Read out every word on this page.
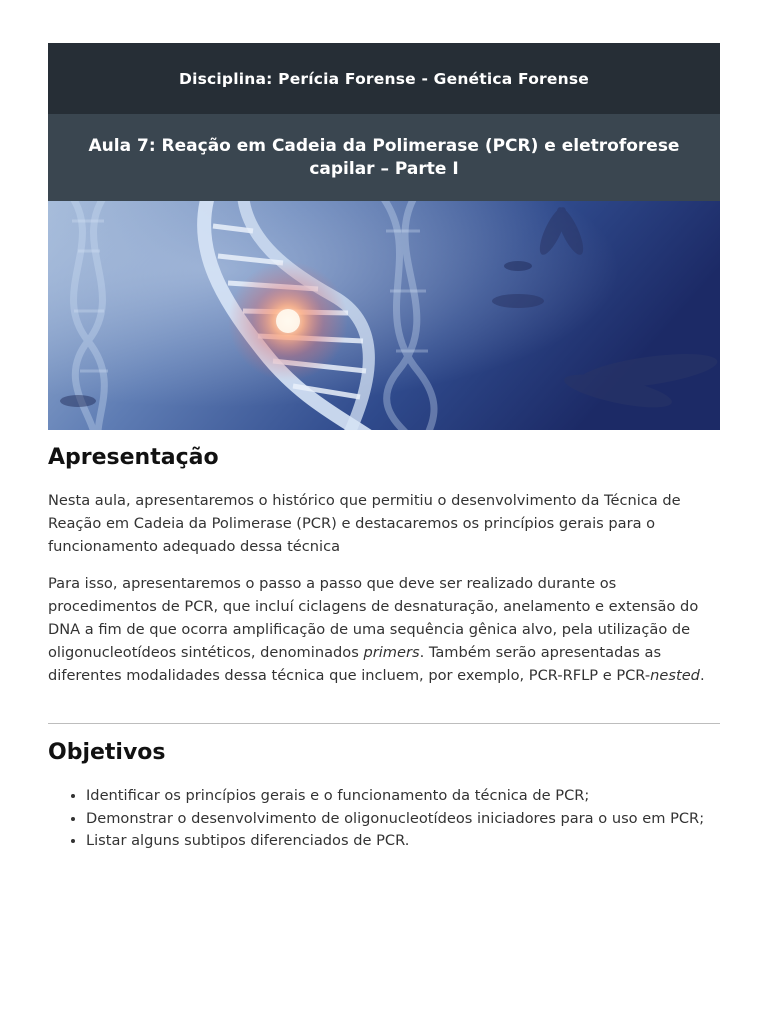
Disciplina: Perícia Forense - Genética Forense
Aula 7: Reação em Cadeia da Polimerase (PCR) e eletroforese capilar – Parte I
Apresentação

Nesta aula, apresentaremos o histórico que permitiu o desenvolvimento da Técnica de Reação em Cadeia da Polimerase (PCR) e destacaremos os princípios gerais para o funcionamento adequado dessa técnica

Para isso, apresentaremos o passo a passo que deve ser realizado durante os procedimentos de PCR, que incluí ciclagens de desnaturação, anelamento e extensão do DNA a fim de que ocorra amplificação de uma sequência gênica alvo, pela utilização de oligonucleotídeos sintéticos, denominados primers. Também serão apresentadas as diferentes modalidades dessa técnica que incluem, por exemplo, PCR-RFLP e PCR-nested.

Objetivos
• Identificar os princípios gerais e o funcionamento da técnica de PCR;
• Demonstrar o desenvolvimento de oligonucleotídeos iniciadores para o uso em PCR;
• Listar alguns subtipos diferenciados de PCR.
